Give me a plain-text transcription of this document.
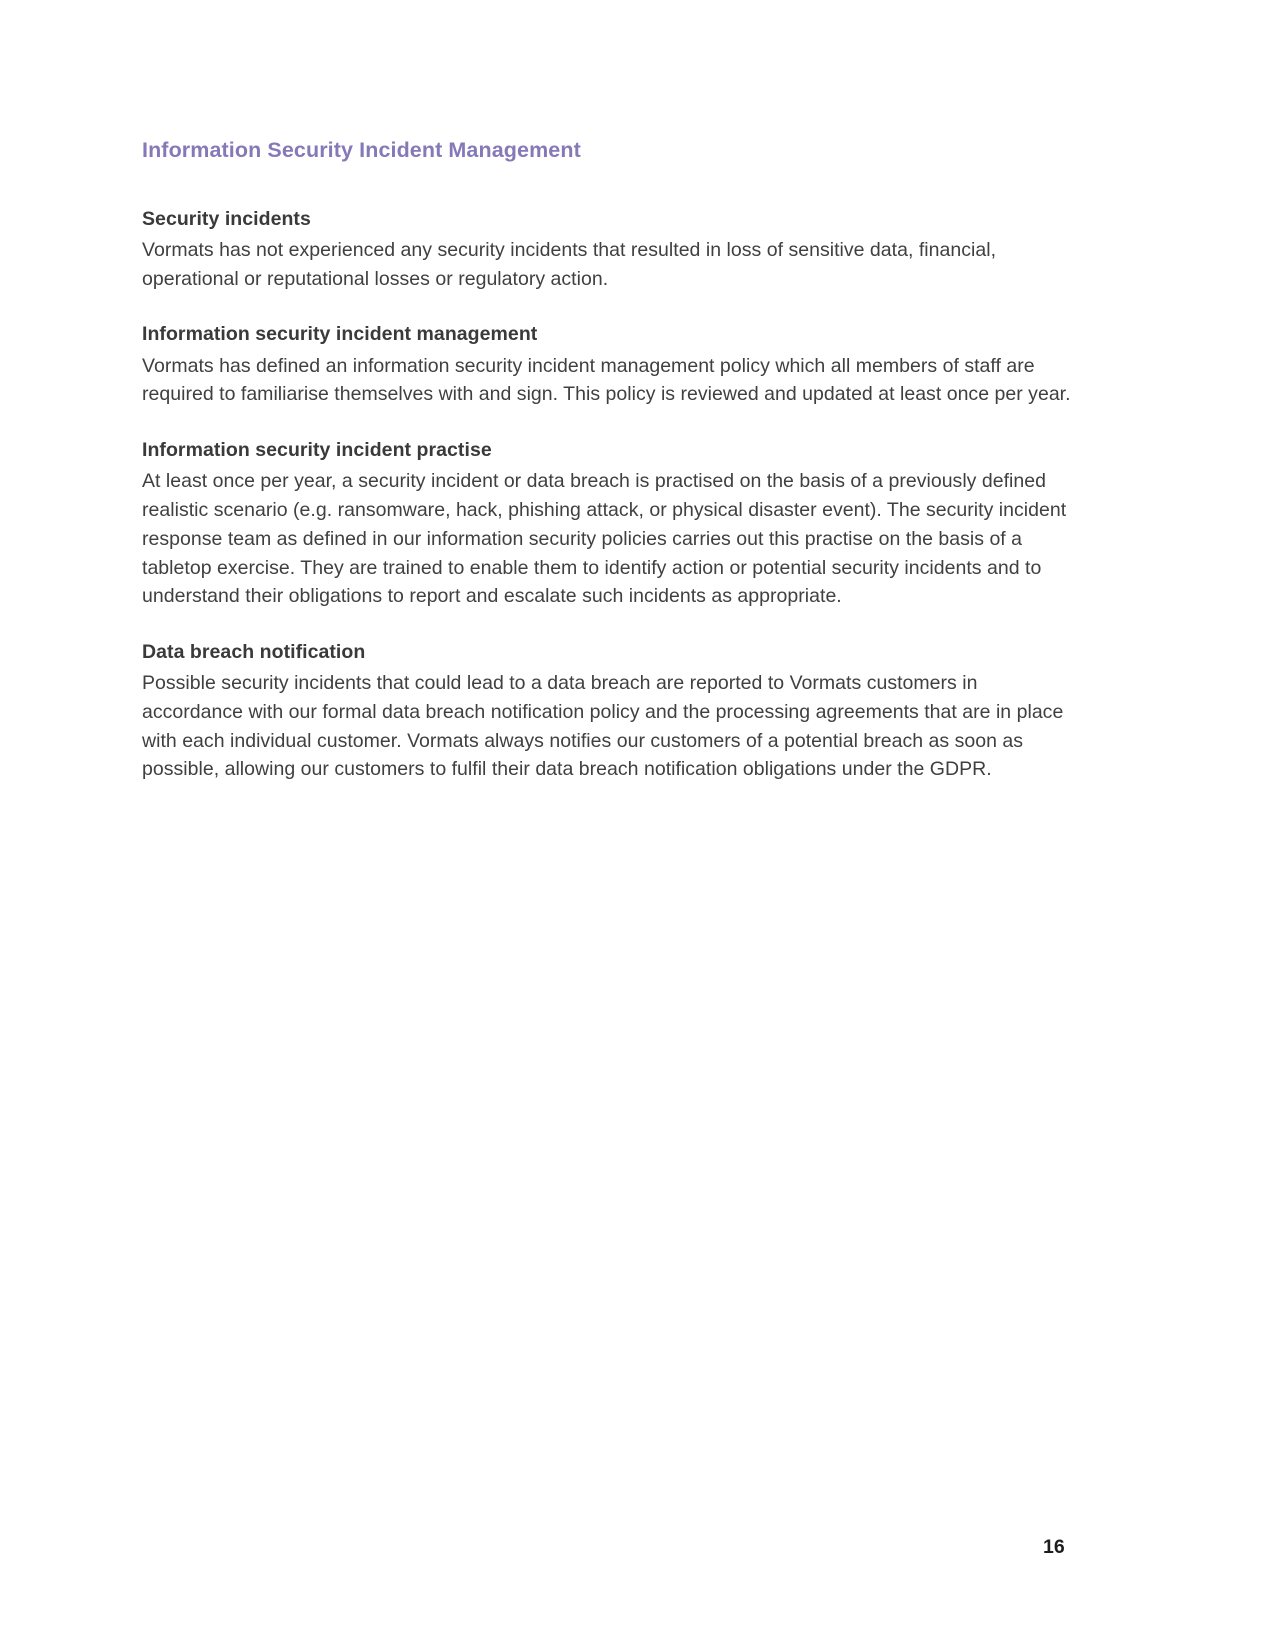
Information Security Incident Management
Security incidents

Vormats has not experienced any security incidents that resulted in loss of sensitive data, financial, operational or reputational losses or regulatory action.

Information security incident management

Vormats has defined an information security incident management policy which all members of staff are required to familiarise themselves with and sign. This policy is reviewed and updated at least once per year.

Information security incident practise

At least once per year, a security incident or data breach is practised on the basis of a previously defined realistic scenario (e.g. ransomware, hack, phishing attack, or physical disaster event). The security incident response team as defined in our information security policies carries out this practise on the basis of a tabletop exercise. They are trained to enable them to identify action or potential security incidents and to understand their obligations to report and escalate such incidents as appropriate.

Data breach notification

Possible security incidents that could lead to a data breach are reported to Vormats customers in accordance with our formal data breach notification policy and the processing agreements that are in place with each individual customer. Vormats always notifies our customers of a potential breach as soon as possible, allowing our customers to fulfil their data breach notification obligations under the GDPR.

16
